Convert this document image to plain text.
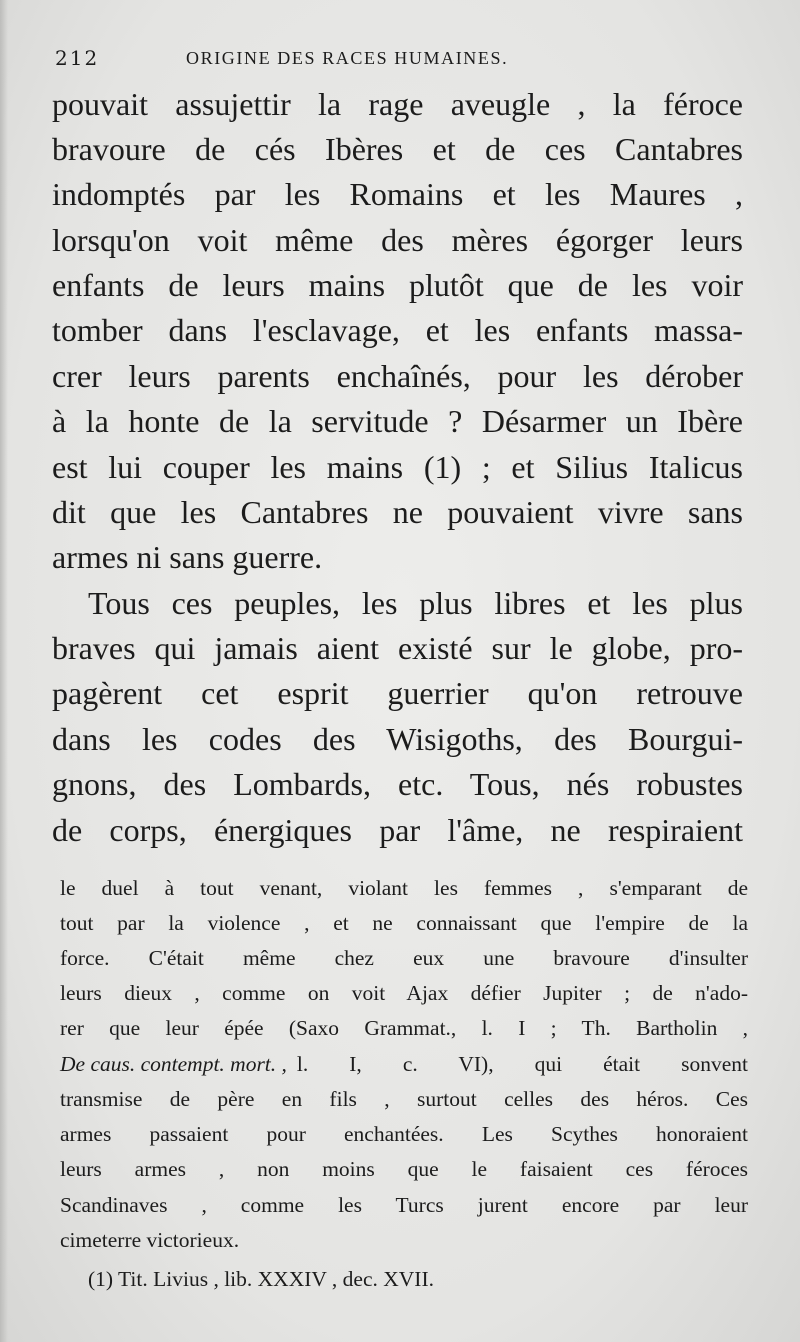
212	ORIGINE DES RACES HUMAINES.
pouvait assujettir la rage aveugle , la féroce
bravoure de cés Ibères et de ces Cantabres
indomptés par les Romains et les Maures ,
lorsqu'on voit même des mères égorger leurs
enfants de leurs mains plutôt que de les voir
tomber dans l'esclavage, et les enfants massa-
crer leurs parents enchaînés, pour les dérober
à la honte de la servitude ? Désarmer un Ibère
est lui couper les mains (1) ; et Silius Italicus
dit que les Cantabres ne pouvaient vivre sans
armes ni sans guerre.
Tous ces peuples, les plus libres et les plus
braves qui jamais aient existé sur le globe, pro-
pagèrent cet esprit guerrier qu'on retrouve
dans les codes des Wisigoths, des Bourgui-
gnons, des Lombards, etc. Tous, nés robustes
de corps, énergiques par l'âme, ne respiraient
le duel à tout venant, violant les femmes , s'emparant de
tout par la violence , et ne connaissant que l'empire de la
force. C'était même chez eux une bravoure d'insulter
leurs dieux , comme on voit Ajax défier Jupiter ; de n'ado-
rer que leur épée (Saxo Grammat., l. I ; Th. Bartholin ,
De caus. contempt. mort. , l. I, c. VI), qui était sonvent
transmise de père en fils , surtout celles des héros. Ces
armes passaient pour enchantées. Les Scythes honoraient
leurs armes , non moins que le faisaient ces féroces
Scandinaves , comme les Turcs jurent encore par leur
cimeterre victorieux.
(1) Tit. Livius , lib. XXXIV , dec. XVII.
